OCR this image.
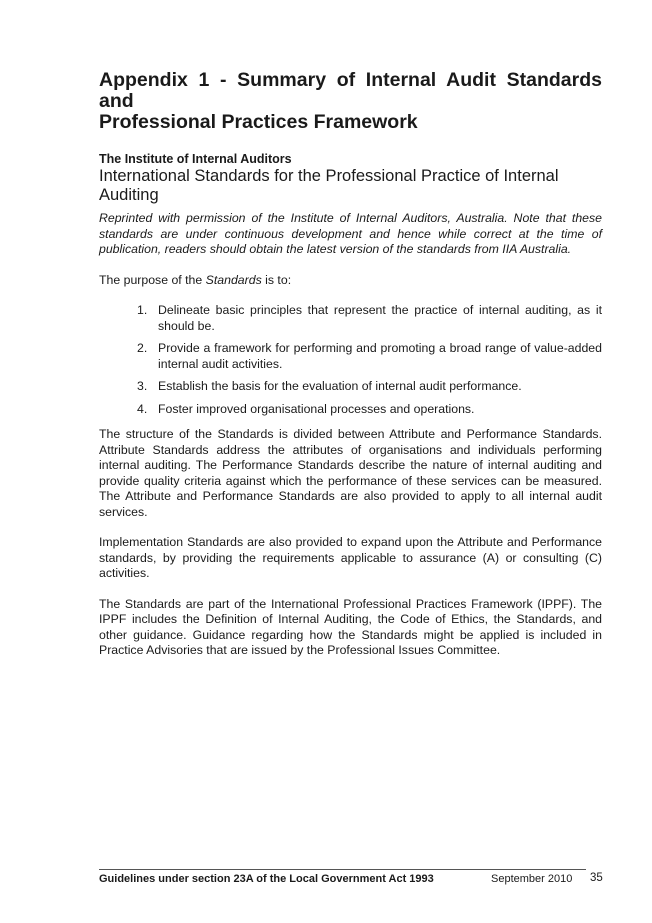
Appendix 1 - Summary of Internal Audit Standards and
Professional Practices Framework
The Institute of Internal Auditors
International Standards for the Professional Practice of Internal Auditing
Reprinted with permission of the Institute of Internal Auditors, Australia. Note that these standards are under continuous development and hence while correct at the time of publication, readers should obtain the latest version of the standards from IIA Australia.
The purpose of the Standards is to:
1. Delineate basic principles that represent the practice of internal auditing, as it should be.
2. Provide a framework for performing and promoting a broad range of value-added internal audit activities.
3. Establish the basis for the evaluation of internal audit performance.
4. Foster improved organisational processes and operations.

The structure of the Standards is divided between Attribute and Performance Standards. Attribute Standards address the attributes of organisations and individuals performing internal auditing. The Performance Standards describe the nature of internal auditing and provide quality criteria against which the performance of these services can be measured. The Attribute and Performance Standards are also provided to apply to all internal audit services.

Implementation Standards are also provided to expand upon the Attribute and Performance standards, by providing the requirements applicable to assurance (A) or consulting (C) activities.

The Standards are part of the International Professional Practices Framework (IPPF). The IPPF includes the Definition of Internal Auditing, the Code of Ethics, the Standards, and other guidance. Guidance regarding how the Standards might be applied is included in Practice Advisories that are issued by the Professional Issues Committee.

Guidelines under section 23A of the Local Government Act 1993	September 2010 35
